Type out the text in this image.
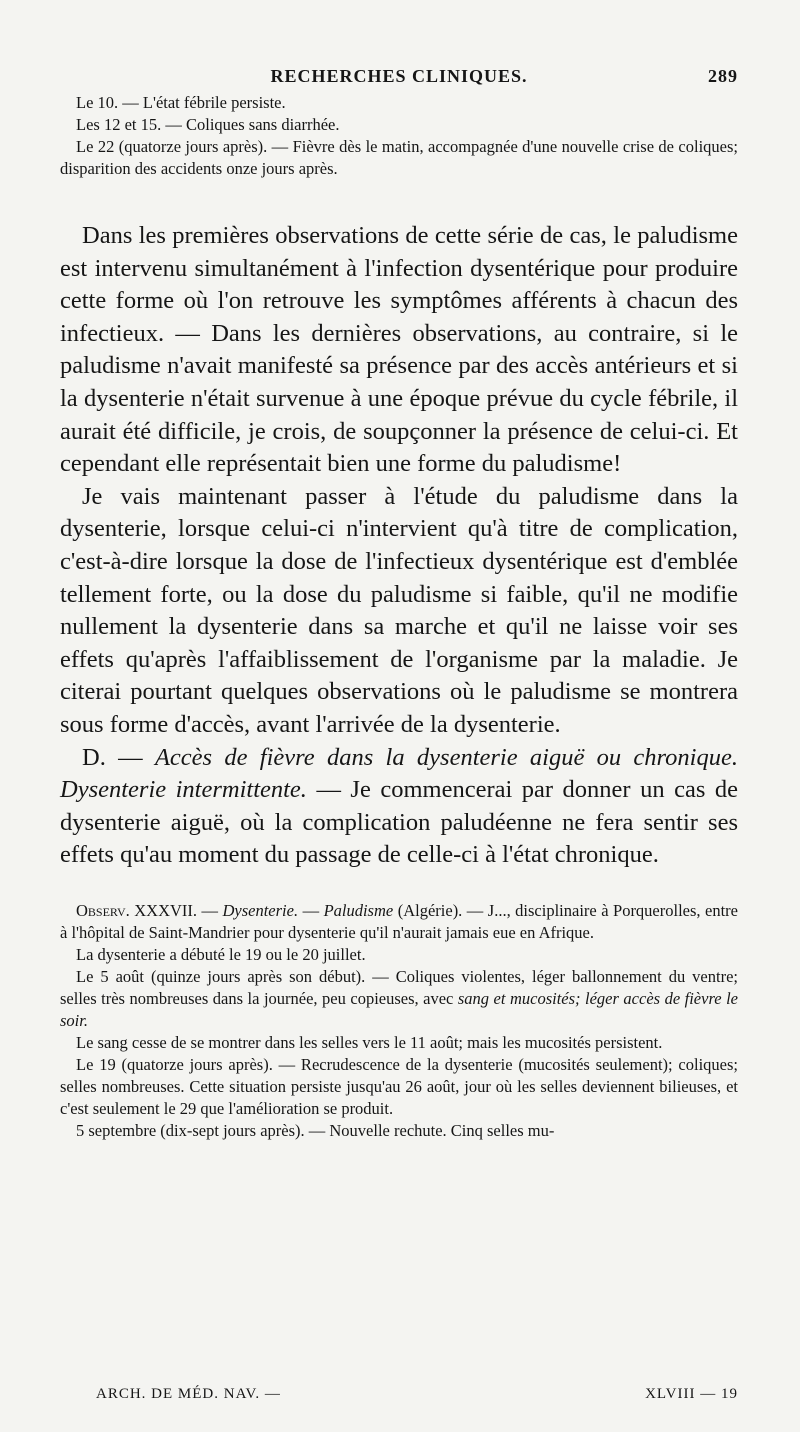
RECHERCHES CLINIQUES.	289

Le 10. — L'état fébrile persiste.

Les 12 et 15. — Coliques sans diarrhée.

Le 22 (quatorze jours après). — Fièvre dès le matin, accompagnée d'une nouvelle crise de coliques; disparition des accidents onze jours après.

Dans les premières observations de cette série de cas, le paludisme est intervenu simultanément à l'infection dysentérique pour produire cette forme où l'on retrouve les symptômes afférents à chacun des infectieux. — Dans les dernières observations, au contraire, si le paludisme n'avait manifesté sa présence par des accès antérieurs et si la dysenterie n'était survenue à une époque prévue du cycle fébrile, il aurait été difficile, je crois, de soupçonner la présence de celui-ci. Et cependant elle représentait bien une forme du paludisme!

Je vais maintenant passer à l'étude du paludisme dans la dysenterie, lorsque celui-ci n'intervient qu'à titre de complication, c'est-à-dire lorsque la dose de l'infectieux dysentérique est d'emblée tellement forte, ou la dose du paludisme si faible, qu'il ne modifie nullement la dysenterie dans sa marche et qu'il ne laisse voir ses effets qu'après l'affaiblissement de l'organisme par la maladie. Je citerai pourtant quelques observations où le paludisme se montrera sous forme d'accès, avant l'arrivée de la dysenterie.

D. — Accès de fièvre dans la dysenterie aiguë ou chronique. Dysenterie intermittente. — Je commencerai par donner un cas de dysenterie aiguë, où la complication paludéenne ne fera sentir ses effets qu'au moment du passage de celle-ci à l'état chronique.

Observ. XXXVII. — Dysenterie. — Paludisme (Algérie). — J..., disciplinaire à Porquerolles, entre à l'hôpital de Saint-Mandrier pour dysenterie qu'il n'aurait jamais eue en Afrique.

La dysenterie a débuté le 19 ou le 20 juillet.

Le 5 août (quinze jours après son début). — Coliques violentes, léger ballonnement du ventre; selles très nombreuses dans la journée, peu copieuses, avec sang et mucosités; léger accès de fièvre le soir.

Le sang cesse de se montrer dans les selles vers le 11 août; mais les mucosités persistent.

Le 19 (quatorze jours après). — Recrudescence de la dysenterie (mucosités seulement); coliques; selles nombreuses. Cette situation persiste jusqu'au 26 août, jour où les selles deviennent bilieuses, et c'est seulement le 29 que l'amélioration se produit.

5 septembre (dix-sept jours après). — Nouvelle rechute. Cinq selles mu-

ARCH. DE MÉD. NAV. —	XLVIII — 19
